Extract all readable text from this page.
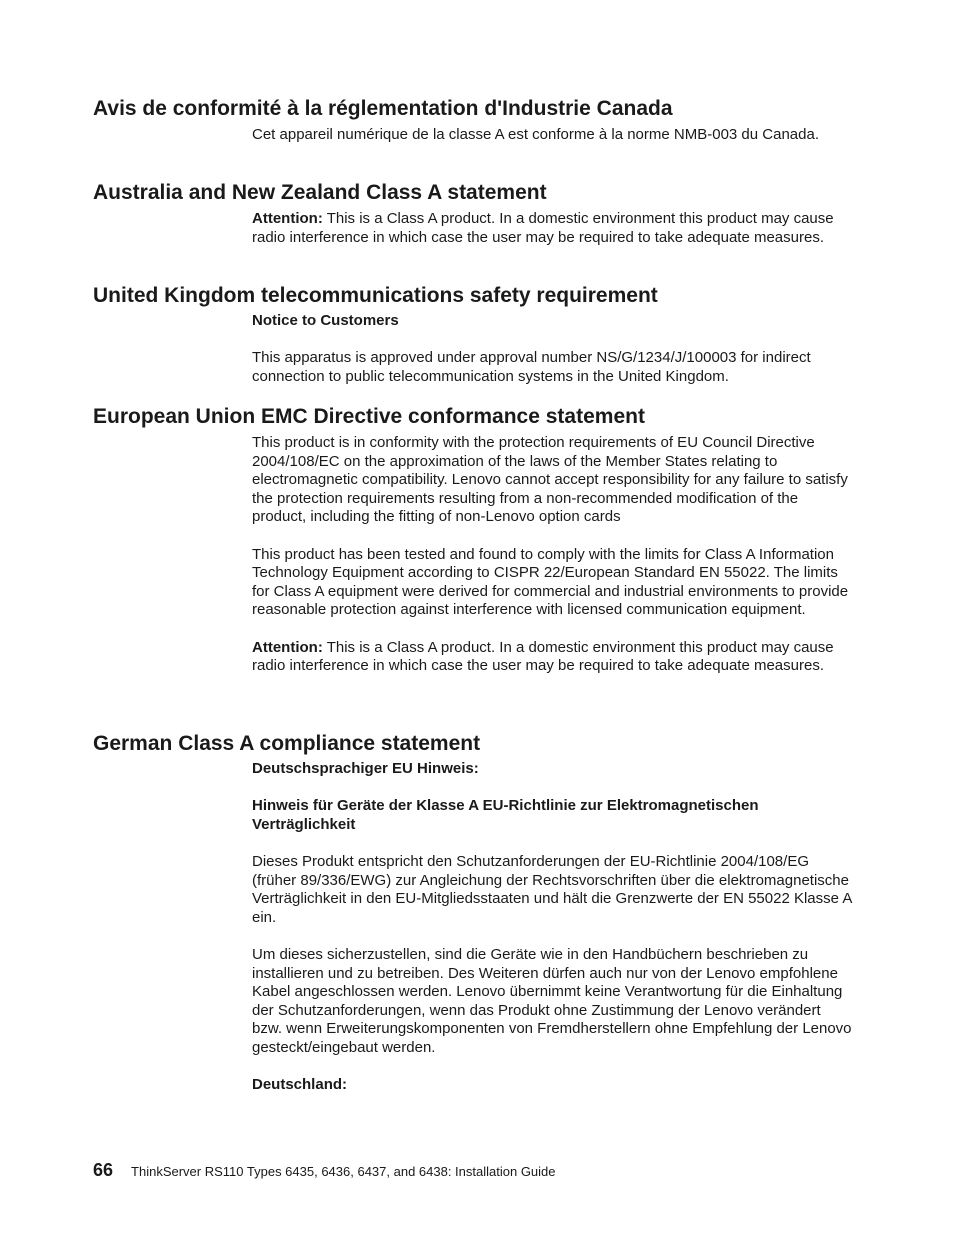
Avis de conformité à la réglementation d'Industrie Canada

Cet appareil numérique de la classe A est conforme à la norme NMB-003 du Canada.

Australia and New Zealand Class A statement

Attention: This is a Class A product. In a domestic environment this product may cause radio interference in which case the user may be required to take adequate measures.

United Kingdom telecommunications safety requirement

Notice to Customers

This apparatus is approved under approval number NS/G/1234/J/100003 for indirect connection to public telecommunication systems in the United Kingdom.

European Union EMC Directive conformance statement

This product is in conformity with the protection requirements of EU Council Directive 2004/108/EC on the approximation of the laws of the Member States relating to electromagnetic compatibility. Lenovo cannot accept responsibility for any failure to satisfy the protection requirements resulting from a non-recommended modification of the product, including the fitting of non-Lenovo option cards

This product has been tested and found to comply with the limits for Class A Information Technology Equipment according to CISPR 22/European Standard EN 55022. The limits for Class A equipment were derived for commercial and industrial environments to provide reasonable protection against interference with licensed communication equipment.

Attention: This is a Class A product. In a domestic environment this product may cause radio interference in which case the user may be required to take adequate measures.

German Class A compliance statement

Deutschsprachiger EU Hinweis:

Hinweis für Geräte der Klasse A EU-Richtlinie zur Elektromagnetischen Verträglichkeit

Dieses Produkt entspricht den Schutzanforderungen der EU-Richtlinie 2004/108/EG (früher 89/336/EWG) zur Angleichung der Rechtsvorschriften über die elektromagnetische Verträglichkeit in den EU-Mitgliedsstaaten und hält die Grenzwerte der EN 55022 Klasse A ein.

Um dieses sicherzustellen, sind die Geräte wie in den Handbüchern beschrieben zu installieren und zu betreiben. Des Weiteren dürfen auch nur von der Lenovo empfohlene Kabel angeschlossen werden. Lenovo übernimmt keine Verantwortung für die Einhaltung der Schutzanforderungen, wenn das Produkt ohne Zustimmung der Lenovo verändert bzw. wenn Erweiterungskomponenten von Fremdherstellern ohne Empfehlung der Lenovo gesteckt/eingebaut werden.

Deutschland:

66 ThinkServer RS110 Types 6435, 6436, 6437, and 6438: Installation Guide
